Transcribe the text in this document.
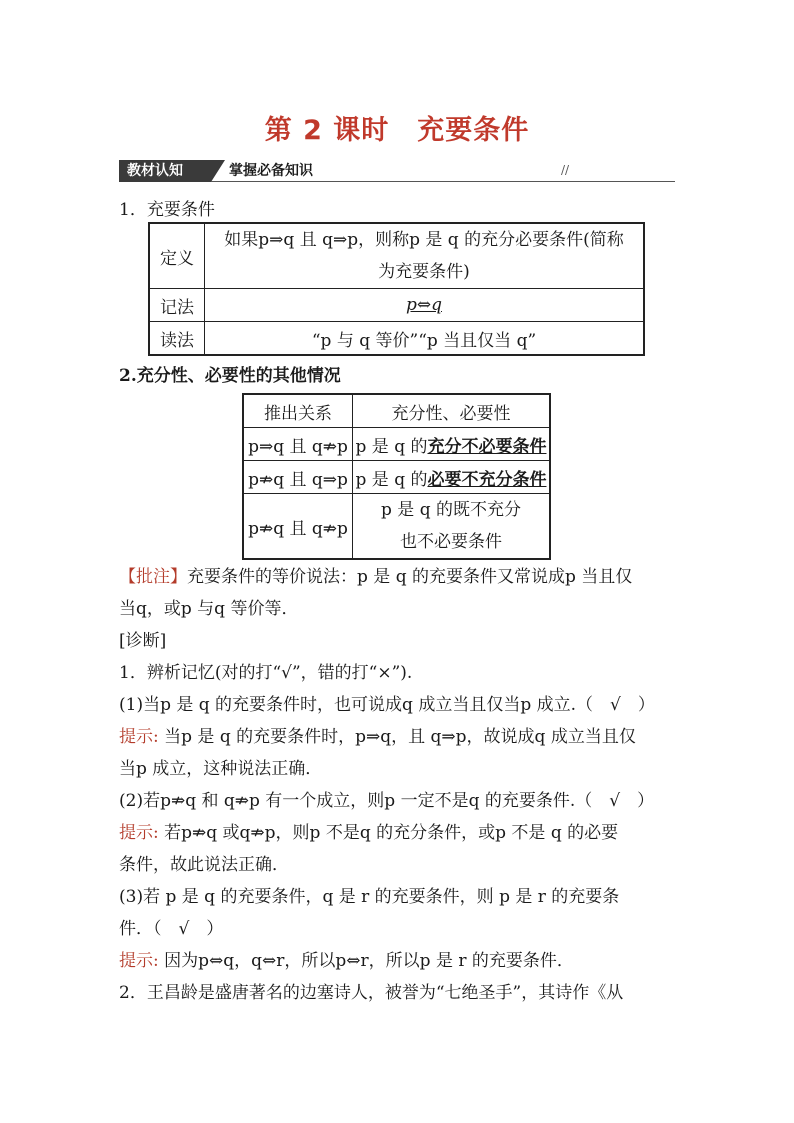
第 2 课时　充要条件
教材认知	掌握必备知识	//
1．充要条件
定义	如果p⇒q 且 q⇒p，则称p 是 q 的充分必要条件(简称
为充要条件)

记法	p⇔q
读法	“p 与 q 等价”“p 当且仅当 q”
2.充分性、必要性的其他情况
推出关系	充分性、必要性
p⇒q 且 q⇏p	p 是 q 的充分不必要条件
p⇏q 且 q⇒p	p 是 q 的必要不充分条件
p⇏q 且 q⇏p	p 是 q 的既不充分
也不必要条件
【批注】充要条件的等价说法：p 是 q 的充要条件又常说成p 当且仅
当q，或p 与q 等价等．
[诊断]
1．辨析记忆(对的打“√”，错的打“×”).
(1)当p 是 q 的充要条件时，也可说成q 成立当且仅当p 成立.（　√　）
提示: 当p 是 q 的充要条件时，p⇒q，且 q⇒p，故说成q 成立当且仅
当p 成立，这种说法正确．
(2)若p⇏q 和 q⇏p 有一个成立，则p 一定不是q 的充要条件.（　√　）
提示: 若p⇏q 或q⇏p，则p 不是q 的充分条件，或p 不是 q 的必要
条件，故此说法正确．
(3)若 p 是 q 的充要条件，q 是 r 的充要条件，则 p 是 r 的充要条
件．（　√　）
提示: 因为p⇔q，q⇔r，所以p⇔r，所以p 是 r 的充要条件．
2．王昌龄是盛唐著名的边塞诗人，被誉为“七绝圣手”，其诗作《从
